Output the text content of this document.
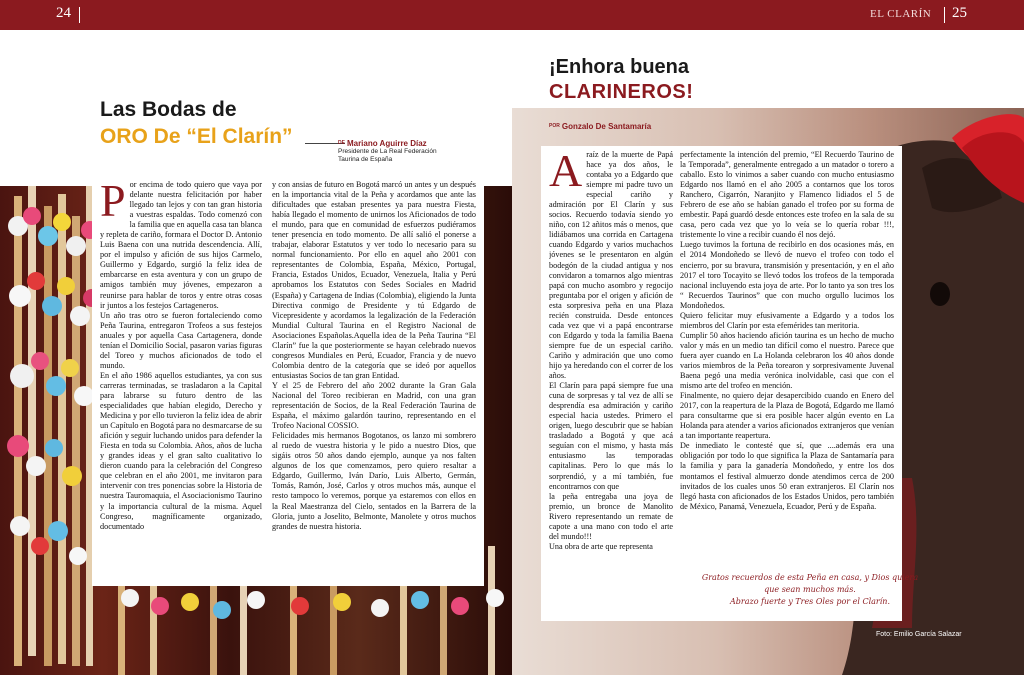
24	EL CLARÍN 25
Las Bodas de
ORO De “El Clarín”	$^{DE}$ Mariano Aguirre Díaz
Presidente de La Real Federación
Taurina de España

Por encima de todo quiero que vaya por delante nuestra felicitación por haber llegado tan lejos y con tan gran historia a vuestras espaldas. Todo comenzó con la familia que en aquella casa tan blanca y repleta de cariño, formara el Doctor D. Antonio Luis Baena con una nutrida descendencia. Allí, por el impulso y afición de sus hijos Carmelo, Guillermo y Edgardo, surgió la feliz idea de embarcarse en esta aventura y con un grupo de amigos también muy jóvenes, empezaron a reunirse para hablar de toros y entre otras cosas ir juntos a los festejos Cartageneros.

Un año tras otro se fueron fortaleciendo como Peña Taurina, entregaron Trofeos a sus festejos anuales y por aquella Casa Cartagenera, donde tenían el Domicilio Social, pasaron varias figuras del Toreo y muchos aficionados de todo el mundo.

En el año 1986 aquellos estudiantes, ya con sus carreras terminadas, se trasladaron a la Capital para labrarse su futuro dentro de las especialidades que habían elegido, Derecho y Medicina y por ello tuvieron la feliz idea de abrir un Capítulo en Bogotá para no desmarcarse de su afición y seguir luchando unidos para defender la Fiesta en toda su Colombia. Años, años de lucha y grandes ideas y el gran salto cualitativo lo dieron cuando para la celebración del Congreso que celebran en el año 2001, me invitaron para intervenir con tres ponencias sobre la Historia de nuestra Tauromaquia, el Asociacionismo Taurino y la importancia cultural de la misma. Aquel Congreso, magníficamente organizado, documentado

y con ansias de futuro en Bogotá marcó un antes y un después en la importancia vital de la Peña y acordamos que ante las dificultades que estaban presentes ya para nuestra Fiesta, había llegado el momento de unirnos los Aficionados de todo el mundo, para que en comunidad de esfuerzos pudiéramos tener presencia en todo momento. De allí salió el ponerse a trabajar, elaborar Estatutos y ver todo lo necesario para su normal funcionamiento. Por ello en aquel año 2001 con representantes de Colombia, España, México, Portugal, Francia, Estados Unidos, Ecuador, Venezuela, Italia y Perú aprobamos los Estatutos con Sedes Sociales en Madrid (España) y Cartagena de Indias (Colombia), eligiendo la Junta Directiva conmigo de Presidente y tú Edgardo de Vicepresidente y acordamos la legalización de la Federación Mundial Cultural Taurina en el Registro Nacional de Asociaciones Españolas.Aquella idea de la Peña Taurina “El Clarín” fue la que posteriormente se hayan celebrado nuevos congresos Mundiales en Perú, Ecuador, Francia y de nuevo Colombia dentro de la categoría que se ideó por aquellos entusiastas Socios de tan gran Entidad.

Y el 25 de Febrero del año 2002 durante la Gran Gala Nacional del Toreo recibieran en Madrid, con una gran representación de Socios, de la Real Federación Taurina de España, el máximo galardón taurino, representando en el Trofeo Nacional COSSIO.

Felicidades mis hermanos Bogotanos, os lanzo mi sombrero al ruedo de vuestra historia y le pido a nuestro Dios, que sigáis otros 50 años dando ejemplo, aunque ya nos falten algunos de los que comenzamos, pero quiero resaltar a Edgardo, Guillermo, Iván Darío, Luis Alberto, Germán, Tomás, Ramón, José, Carlos y otros muchos más, aunque el resto tampoco lo veremos, porque ya estaremos con ellos en la Real Maestranza del Cielo, sentados en la Barrera de la Gloria, junto a Joselito, Belmonte, Manolete y otros muchos grandes de nuestra historia.

¡Enhora buena
CLARINEROS!
$^{POR}$ Gonzalo De Santamaría

Araíz de la muerte de Papá hace ya dos años, le contaba yo a Edgardo que siempre mi padre tuvo un especial cariño y admiración por El Clarín y sus socios. Recuerdo todavía siendo yo niño, con 12 añitos más o menos, que lidiábamos una corrida en Cartagena cuando Edgardo y varios muchachos jóvenes se le presentaron en algún bodegón de la ciudad antigua y nos convidaron a tomarnos algo mientras papá con mucho asombro y regocijo preguntaba por el origen y afición de esta sorpresiva peña en una Plaza recién construida. Desde entonces cada vez que vi a papá encontrarse con Edgardo y toda la familia Baena siempre fue de un especial cariño. Cariño y admiración que uno como hijo ya heredando con el correr de los años.

El Clarín para papá siempre fue una cuna de sorpresas y tal vez de allí se desprendía esa admiración y cariño especial hacia ustedes. Primero el origen, luego descubrir que se habían trasladado a Bogotá y que acá seguían con el mismo, y hasta más entusiasmo las temporadas capitalinas. Pero lo que más lo sorprendió, y a mí también, fue encontrarnos con que

la peña entregaba una joya de premio, un bronce de Manolito Rivero representando un remate de capote a una mano con todo el arte del mundo!!!

Una obra de arte que representa

perfectamente la intención del premio, “El Recuerdo Taurino de la Temporada”, generalmente entregado a un matador o torero a caballo. Esto lo vinimos a saber cuando con mucho entusiasmo Edgardo nos llamó en el año 2005 a contarnos que los toros Ranchero, Cigarrón, Naranjito y Flamenco lidiados el 5 de Febrero de ese año se habían ganado el trofeo por su forma de embestir. Papá guardó desde entonces este trofeo en la sala de su casa, pero cada vez que yo lo veía se lo quería robar !!!, tristemente lo vine a recibir cuando él nos dejó.

Luego tuvimos la fortuna de recibirlo en dos ocasiones más, en el 2014 Mondoñedo se llevó de nuevo el trofeo con todo el encierro, por su bravura, transmisión y presentación, y en el año 2017 el toro Tocayito se llevó todos los trofeos de la temporada nacional incluyendo esta joya de arte. Por lo tanto ya son tres los “ Recuerdos Taurinos” que con mucho orgullo lucimos los Mondoñedos.

Quiero felicitar muy efusivamente a Edgardo y a todos los miembros del Clarín por esta efemérides tan meritoria.

Cumplir 50 años haciendo afición taurina es un hecho de mucho valor y más en un medio tan difícil como el nuestro. Parece que fuera ayer cuando en La Holanda celebraron los 40 años donde varios miembros de la Peña torearon y sorpresivamente Juvenal Baena pegó una media verónica inolvidable, casi que con el mismo arte del trofeo en mención.

Finalmente, no quiero dejar desapercibido cuando en Enero del 2017, con la reapertura de la Plaza de Bogotá, Edgardo me llamó para consultarme que si era posible hacer algún evento en La Holanda para atender a varios aficionados extranjeros que venían a tan importante reapertura.

De inmediato le contesté que sí, que ....además era una obligación por todo lo que significa la Plaza de Santamaría para la familia y para la ganadería Mondoñedo, y entre los dos montamos el festival almuerzo donde atendimos cerca de 200 invitados de los cuales unos 50 eran extranjeros. El Clarín nos llegó hasta con aficionados de los Estados Unidos, pero también de México, Panamá, Venezuela, Ecuador, Perú y de España.

Gratos recuerdos de esta Peña en casa, y Dios quiera
que sean muchos más.
Abrazo fuerte y Tres Oles por el Clarín.
Foto: Emilio García Salazar
